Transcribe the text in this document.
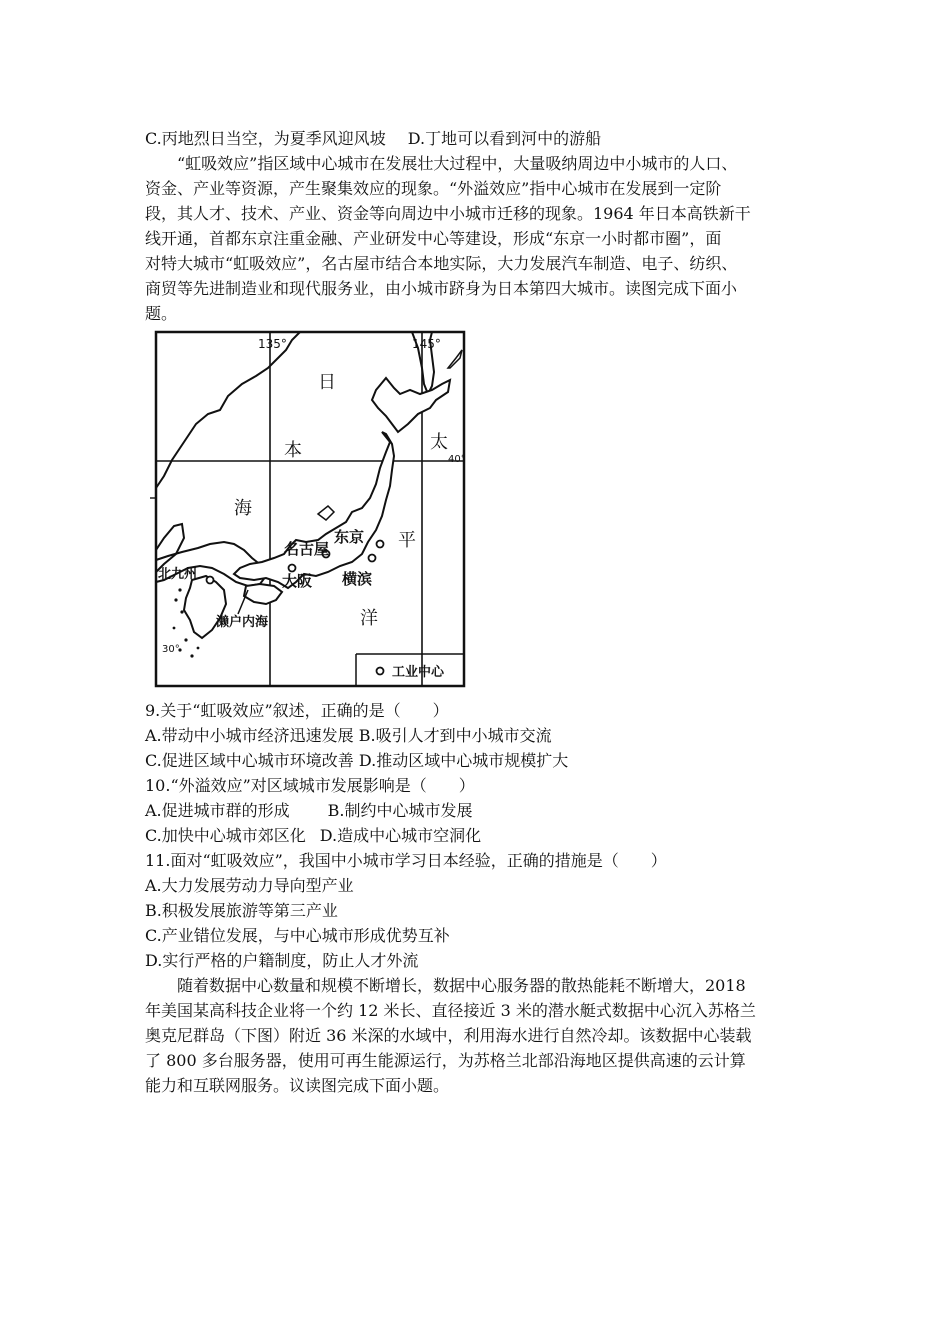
C.丙地烈日当空，为夏季风迎风坡 D.丁地可以看到河中的游船
“虹吸效应”指区域中心城市在发展壮大过程中，大量吸纳周边中小城市的人口、
资金、产业等资源，产生聚集效应的现象。“外溢效应”指中心城市在发展到一定阶
段，其人才、技术、产业、资金等向周边中小城市迁移的现象。1964 年日本高铁新干
线开通，首都东京注重金融、产业研发中心等建设，形成“东京一小时都市圈”，面
对特大城市“虹吸效应”，名古屋市结合本地实际，大力发展汽车制造、电子、纺织、
商贸等先进制造业和现代服务业，由小城市跻身为日本第四大城市。读图完成下面小
题。
135°	145°
40°
30°
日
本
海
太
平
洋
东京
名古屋
大阪 横滨
北九州
濑户内海
工业中心
9.关于“虹吸效应”叙述，正确的是（　　）
A.带动中小城市经济迅速发展 B.吸引人才到中小城市交流
C.促进区域中心城市环境改善 D.推动区域中心城市规模扩大
10.“外溢效应”对区域城市发展影响是（　　）
A.促进城市群的形成 B.制约中心城市发展
C.加快中心城市郊区化 D.造成中心城市空洞化
11.面对“虹吸效应”，我国中小城市学习日本经验，正确的措施是（　　）
A.大力发展劳动力导向型产业
B.积极发展旅游等第三产业
C.产业错位发展，与中心城市形成优势互补
D.实行严格的户籍制度，防止人才外流
随着数据中心数量和规模不断增长，数据中心服务器的散热能耗不断增大，2018
年美国某高科技企业将一个约 12 米长、直径接近 3 米的潜水艇式数据中心沉入苏格兰
奥克尼群岛（下图）附近 36 米深的水域中，利用海水进行自然冷却。该数据中心装载
了 800 多台服务器，使用可再生能源运行，为苏格兰北部沿海地区提供高速的云计算
能力和互联网服务。议读图完成下面小题。
